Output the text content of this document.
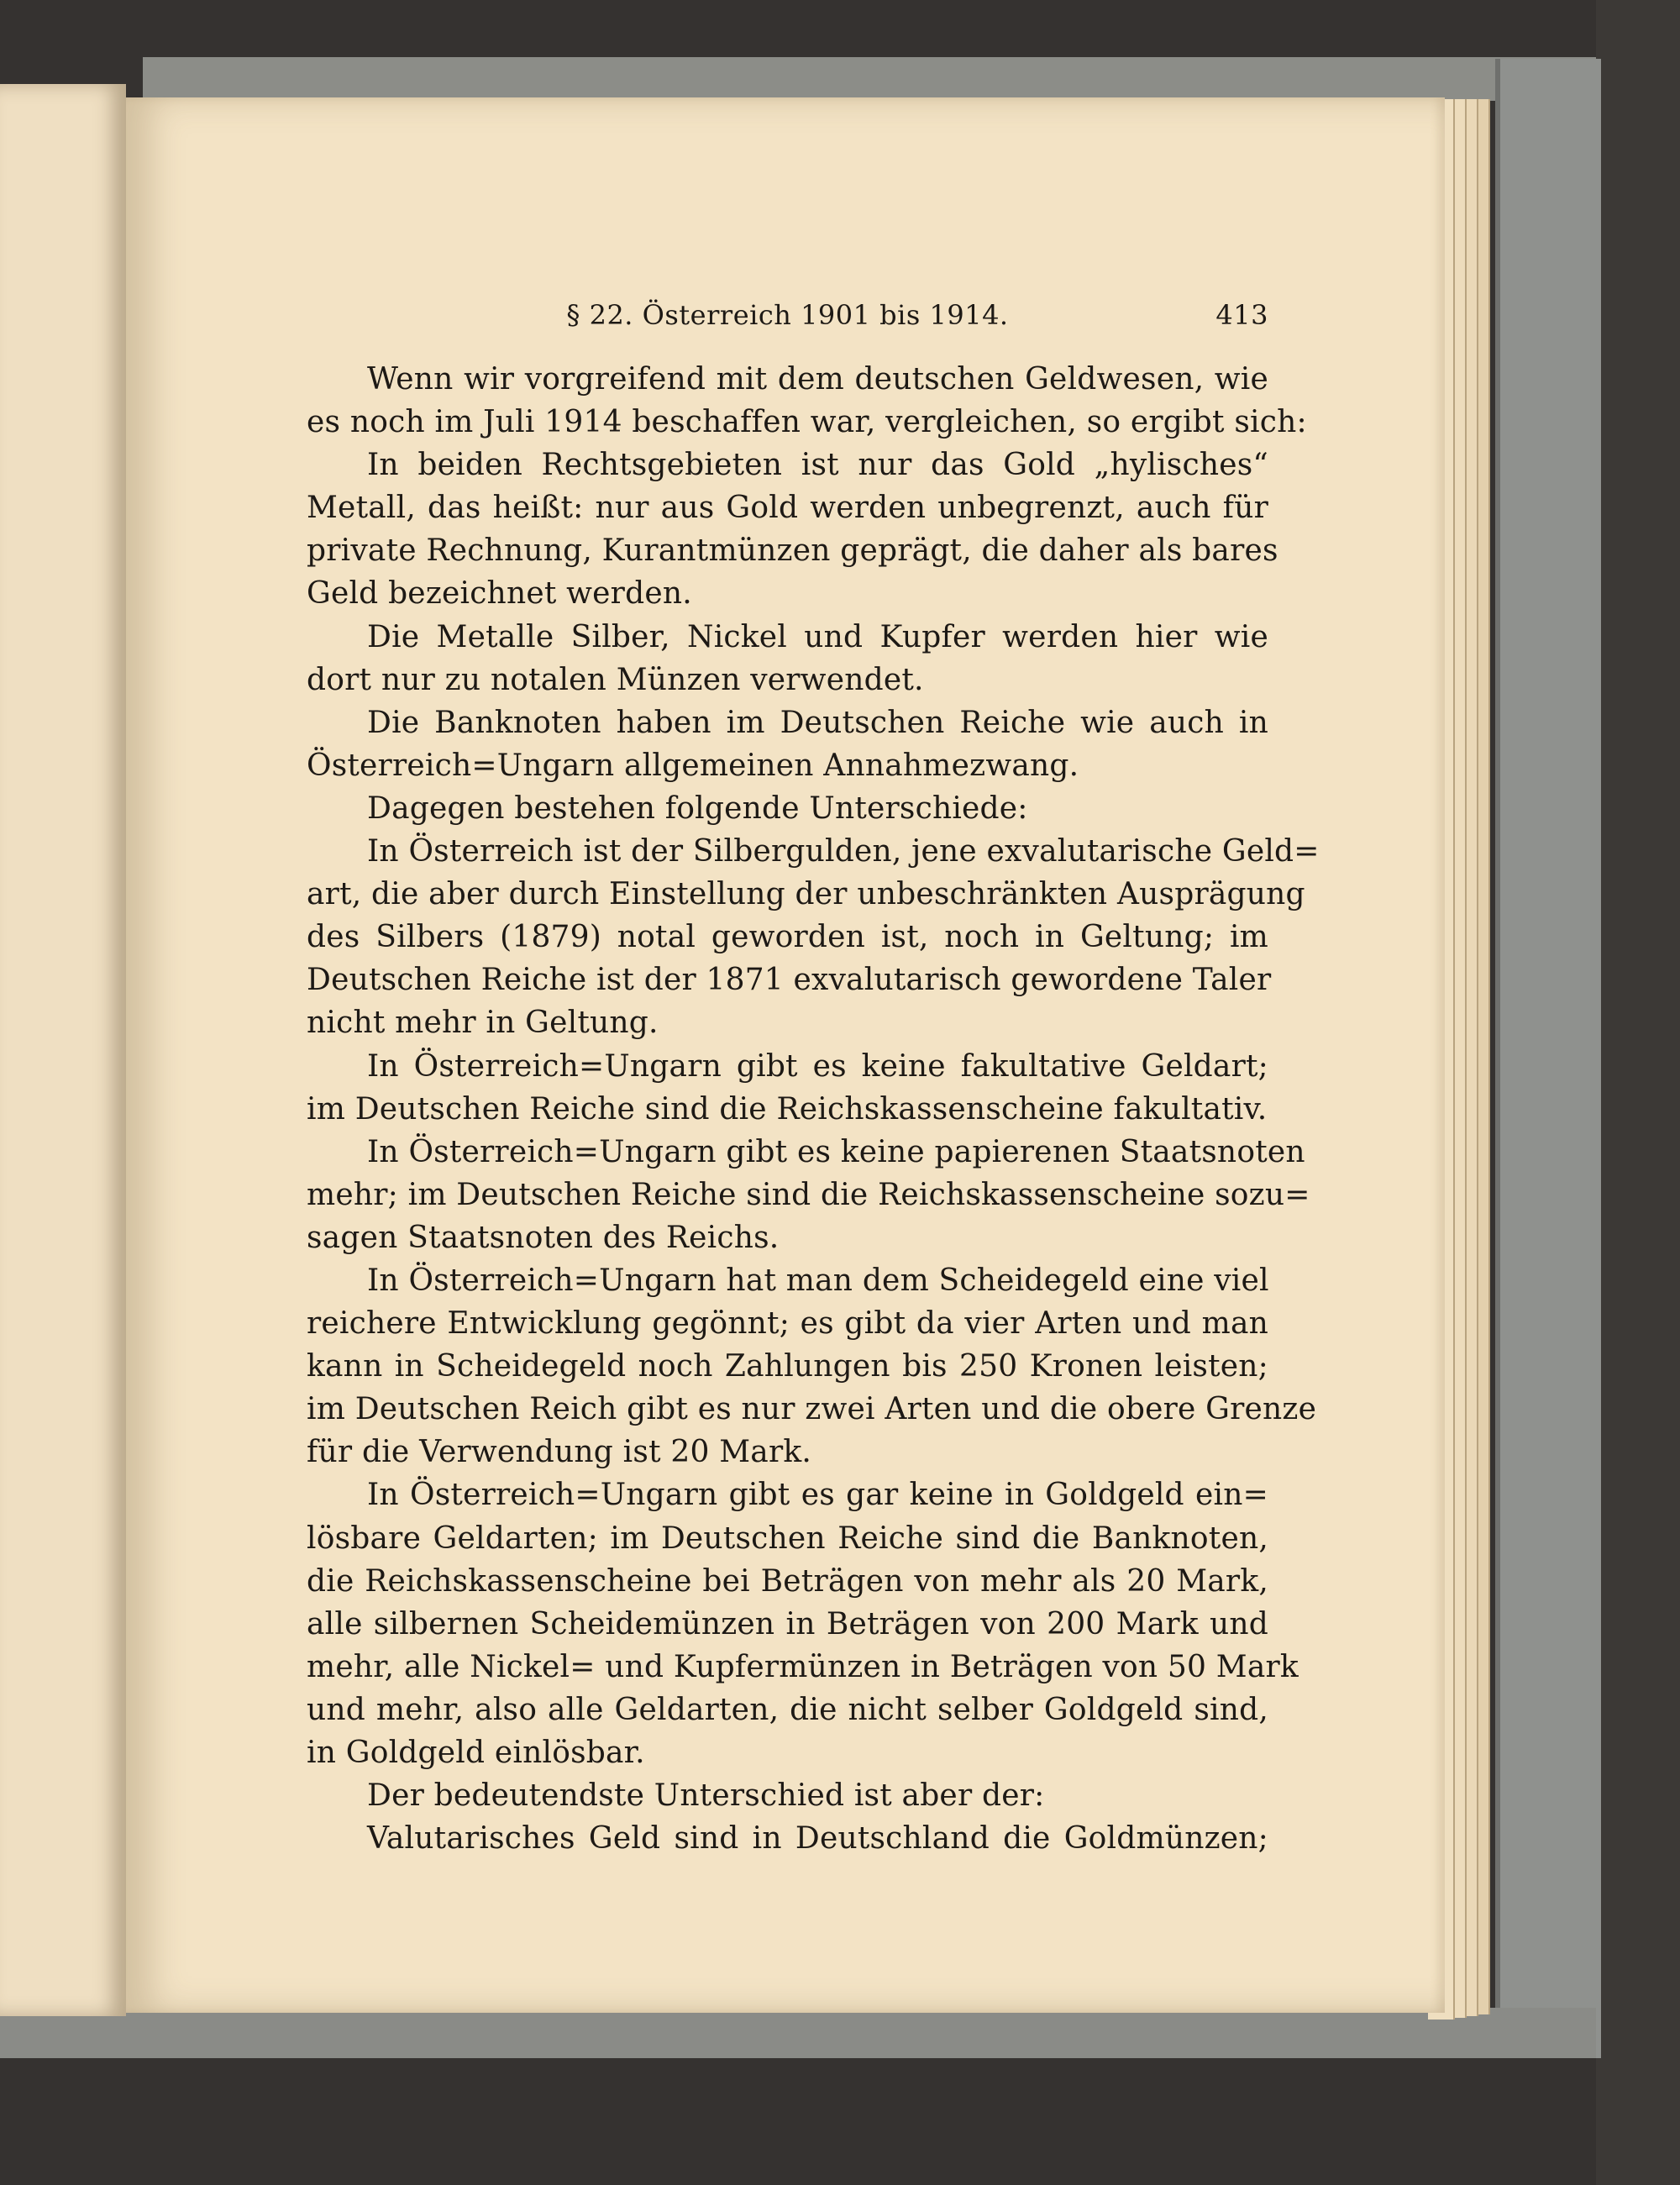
§ 22. Österreich 1901 bis 1914.	413
Wenn wir vorgreifend mit dem deutschen Geldwesen, wie
es noch im Juli 1914 beschaffen war, vergleichen, so ergibt sich:
In beiden Rechtsgebieten ist nur das Gold „hylisches“
Metall, das heißt: nur aus Gold werden unbegrenzt, auch für
private Rechnung, Kurantmünzen geprägt, die daher als bares
Geld bezeichnet werden.
Die Metalle Silber, Nickel und Kupfer werden hier wie
dort nur zu notalen Münzen verwendet.
Die Banknoten haben im Deutschen Reiche wie auch in
Österreich=Ungarn allgemeinen Annahmezwang.
Dagegen bestehen folgende Unterschiede:
In Österreich ist der Silbergulden, jene exvalutarische Geld=
art, die aber durch Einstellung der unbeschränkten Ausprägung
des Silbers (1879) notal geworden ist, noch in Geltung; im
Deutschen Reiche ist der 1871 exvalutarisch gewordene Taler
nicht mehr in Geltung.
In Österreich=Ungarn gibt es keine fakultative Geldart;
im Deutschen Reiche sind die Reichskassenscheine fakultativ.
In Österreich=Ungarn gibt es keine papierenen Staatsnoten
mehr; im Deutschen Reiche sind die Reichskassenscheine sozu=
sagen Staatsnoten des Reichs.
In Österreich=Ungarn hat man dem Scheidegeld eine viel
reichere Entwicklung gegönnt; es gibt da vier Arten und man
kann in Scheidegeld noch Zahlungen bis 250 Kronen leisten;
im Deutschen Reich gibt es nur zwei Arten und die obere Grenze
für die Verwendung ist 20 Mark.
In Österreich=Ungarn gibt es gar keine in Goldgeld ein=
lösbare Geldarten; im Deutschen Reiche sind die Banknoten,
die Reichskassenscheine bei Beträgen von mehr als 20 Mark,
alle silbernen Scheidemünzen in Beträgen von 200 Mark und
mehr, alle Nickel= und Kupfermünzen in Beträgen von 50 Mark
und mehr, also alle Geldarten, die nicht selber Goldgeld sind,
in Goldgeld einlösbar.
Der bedeutendste Unterschied ist aber der:
Valutarisches Geld sind in Deutschland die Goldmünzen;
